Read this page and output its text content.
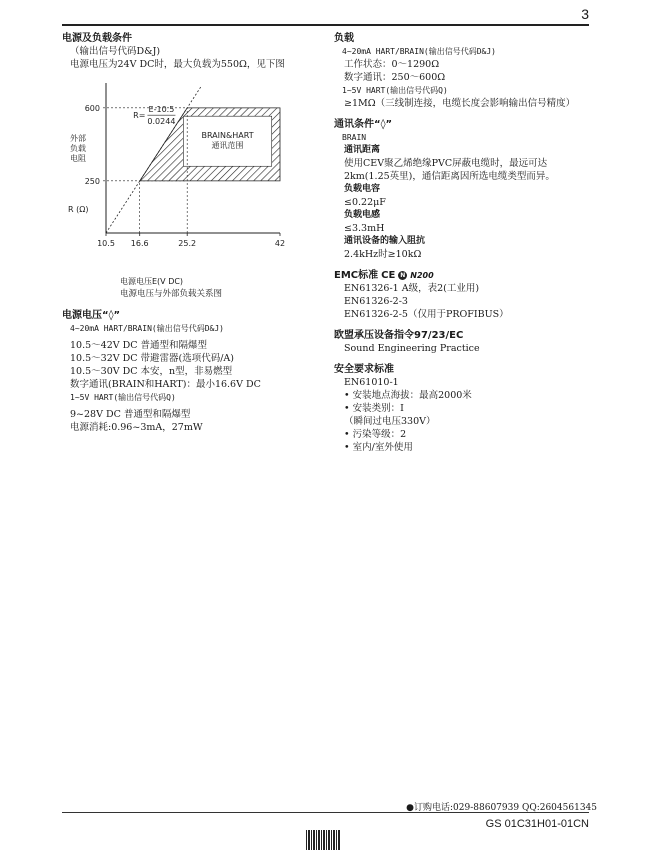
3
电源及负载条件
（输出信号代码D&J)
电源电压为24V DC时，最大负载为550Ω，见下图
BRAIN&HART
通讯范围
600
250
10.5 16.6	25.2	42
外部
负载
电阻
R (Ω)
R=
E-10.5
0.0244
电源电压E(V DC)
电源电压与外部负载关系图
电源电压“◊”
4~20mA HART/BRAIN(输出信号代码D&J)
10.5～42V DC 普通型和隔爆型
10.5～32V DC 带避雷器(选项代码/A)
10.5～30V DC 本安，n型，非易燃型
数字通讯(BRAIN和HART)：最小16.6V DC
1~5V HART(输出信号代码Q)
9~28V DC 普通型和隔爆型
电源消耗:0.96~3mA，27mW
负载
4~20mA HART/BRAIN(输出信号代码D&J)
工作状态：0～1290Ω
数字通讯：250～600Ω
1~5V HART(输出信号代码Q)
≥1MΩ（三线制连接，电缆长度会影响输出信号精度）
通讯条件“◊”
BRAIN
通讯距离
使用CEV聚乙烯绝缘PVC屏蔽电缆时，最远可达
2km(1.25英里)，通信距离因所选电缆类型而异。
负载电容
≤0.22μF
负载电感
≤3.3mH
通讯设备的输入阻抗
2.4kHz时≥10kΩ
EMC标准 CE N N200
EN61326-1 A级，表2(工业用)
EN61326-2-3
EN61326-2-5（仅用于PROFIBUS）
欧盟承压设备指令97/23/EC
Sound Engineering Practice
安全要求标准
EN61010-1
• 安装地点海拔：最高2000米
• 安装类别：I
（瞬间过电压330V）
• 污染等级：2
• 室内/室外使用
●订购电话:029-88607939 QQ:2604561345
GS 01C31H01-01CN
